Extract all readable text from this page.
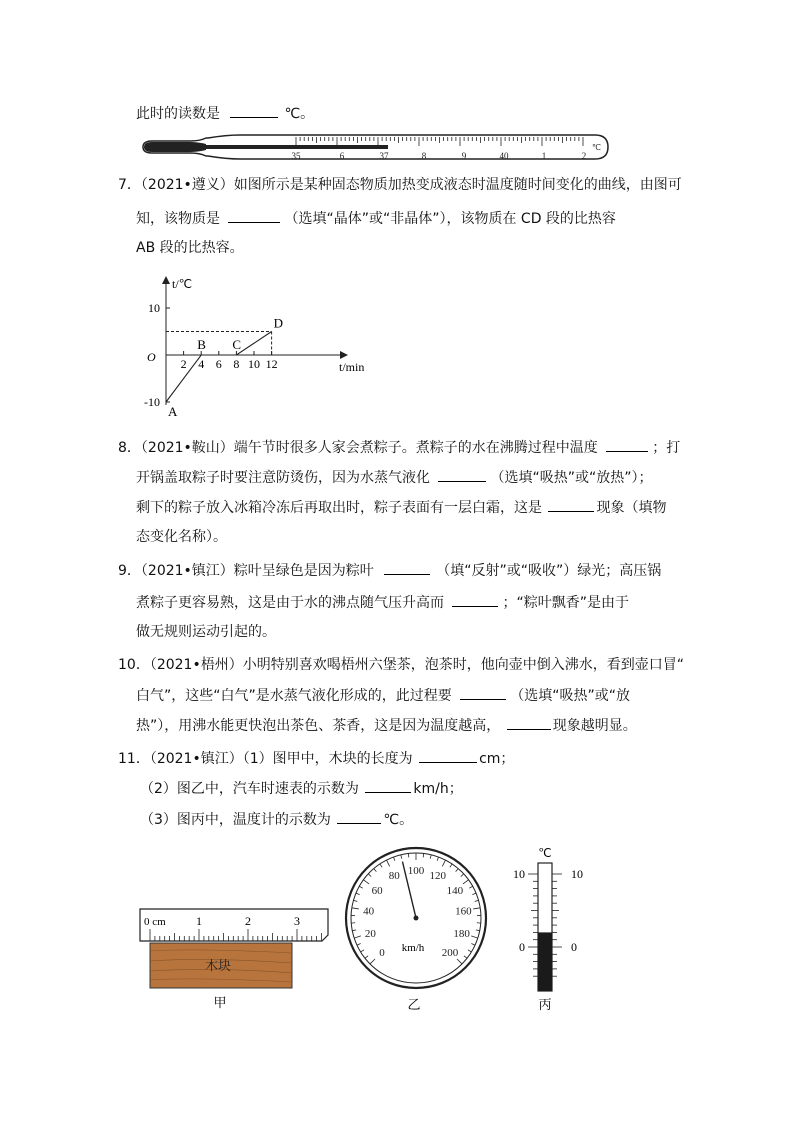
此时的读数是	℃。
35	6	37	8	9	40	1	2
℃
7．（2021•遵义）如图所示是某种固态物质加热变成液态时温度随时间变化的曲线，由图可
知，该物质是	（选填“晶体”或“非晶体”），该物质在 CD 段的比热容
AB 段的比热容。
2 4 6 8 10 12
10
-10
A
B C
D
t/℃
t/min
O
8．（2021•鞍山）端午节时很多人家会煮粽子。煮粽子的水在沸腾过程中温度	；打
开锅盖取粽子时要注意防烫伤，因为水蒸气液化	（选填“吸热”或“放热”）；
剩下的粽子放入冰箱冷冻后再取出时，粽子表面有一层白霜，这是	现象（填物
态变化名称）。
9．（2021•镇江）粽叶呈绿色是因为粽叶	（填“反射”或“吸收”）绿光；高压锅
煮粽子更容易熟，这是由于水的沸点随气压升高而	；“粽叶飘香”是由于
做无规则运动引起的。
10．（2021•梧州）小明特别喜欢喝梧州六堡茶，泡茶时，他向壶中倒入沸水，看到壶口冒“
白气”，这些“白气”是水蒸气液化形成的，此过程要	（选填“吸热”或“放
热”），用沸水能更快泡出茶色、茶香，这是因为温度越高，	现象越明显。
11．（2021•镇江）（1）图甲中，木块的长度为	cm；
（2）图乙中，汽车时速表的示数为	km/h；
（3）图丙中，温度计的示数为	℃。
木块
0 cm	1	2	3
甲
0
20
40
60
80 100 120
140
160
180
200
km/h
乙
℃
10
0
10
0
丙
